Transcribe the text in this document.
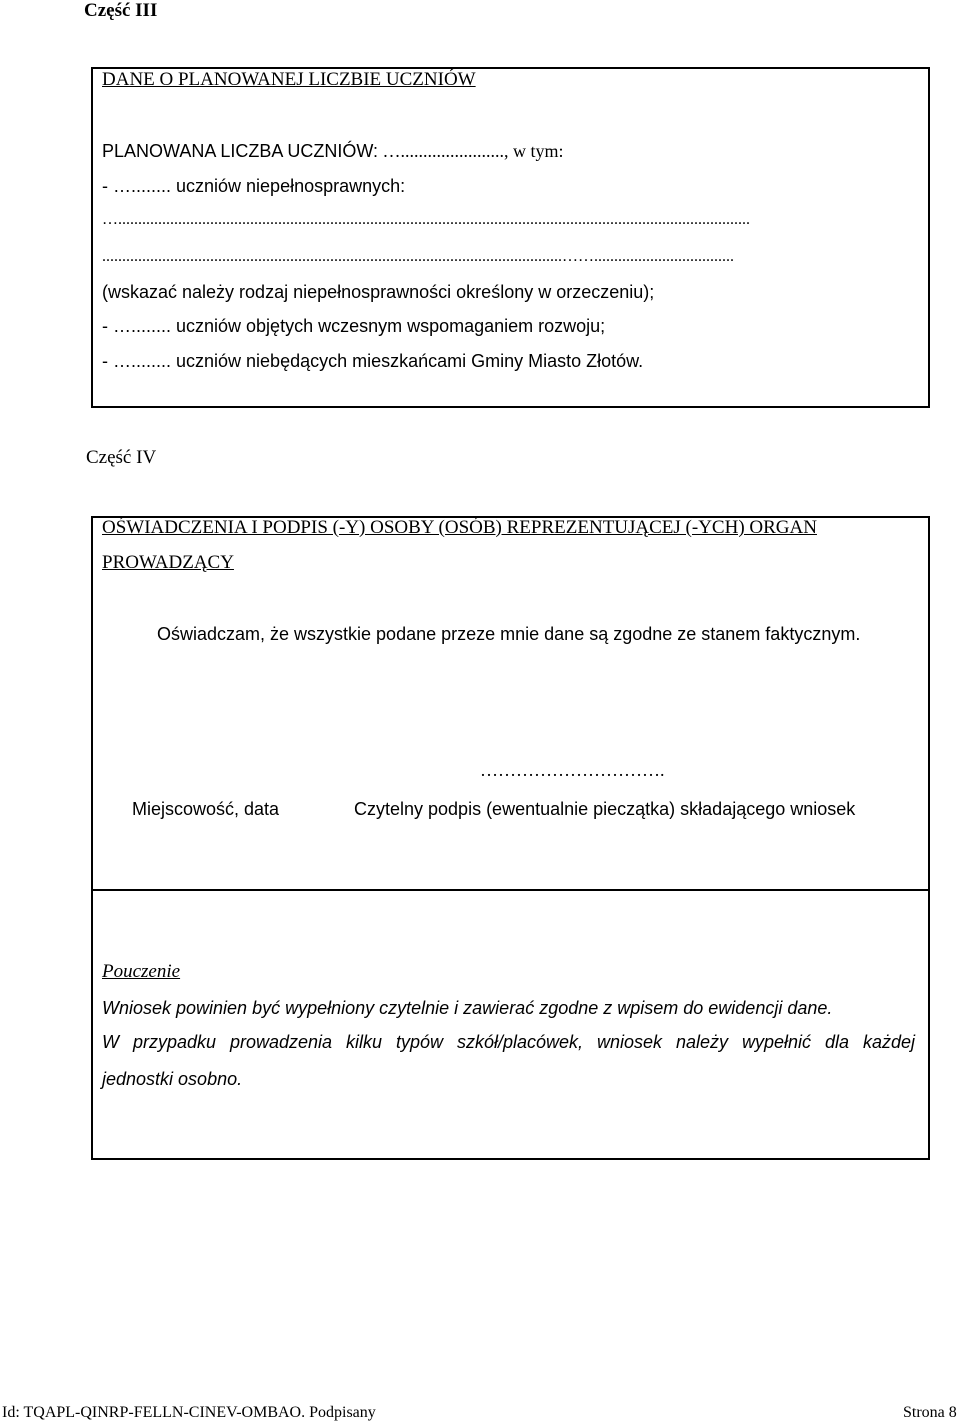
Część III
DANE O PLANOWANEJ LICZBIE UCZNIÓW
PLANOWANA LICZBA UCZNIÓW: …......................., w tym:
- …........ uczniów niepełnosprawnych:
…..............................................................................................................................................................
...................................................................................................................……...................................
(wskazać należy rodzaj niepełnosprawności określony w orzeczeniu);
- …........ uczniów objętych wczesnym wspomaganiem rozwoju;
- …........ uczniów niebędących mieszkańcami Gminy Miasto Złotów.
Część IV
OŚWIADCZENIA I PODPIS (-Y) OSOBY (OSÓB) REPREZENTUJĄCEJ (-YCH) ORGAN
PROWADZĄCY
Oświadczam, że wszystkie podane przeze mnie dane są zgodne ze stanem faktycznym.
………………………….
Miejscowość, data	Czytelny podpis (ewentualnie pieczątka) składającego wniosek
Pouczenie
Wniosek powinien być wypełniony czytelnie i zawierać zgodne z wpisem do ewidencji dane.
W przypadku prowadzenia kilku typów szkół/placówek, wniosek należy wypełnić dla każdej
jednostki osobno.
Id: TQAPL-QINRP-FELLN-CINEV-OMBAO. Podpisany	Strona 8
